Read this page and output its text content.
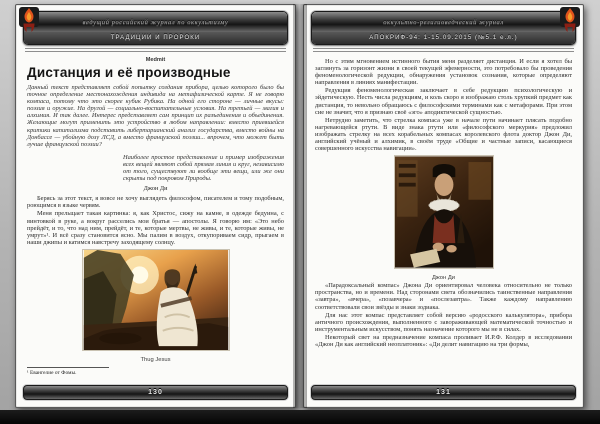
ведущий российский журнал по оккультизму
ТРАДИЦИИ И ПРОРОКИ
Medmit
Дистанция и её производные

Данный текст представляет собой попытку создания прибора, целью которого было бы точное определение местонахождения индивида на метафизической карте. Я не говорю компаса, потому что это скорее кубик Рубика. На одной его стороне — личные вкусы: поэзия и оружие. На другой — социально-воспитательные условия. На третьей — магия и алхимия. И так далее. Интерес представляет сам принцип их разъединения и объединения. Желающие могут применить это устройство в любом направлении: вместо приевшейся критики капитализма подставить либертарианский анализ государства, вместо войны на Донбассе — убойную дозу ЛСД, а вместо французской поэзии... впрочем, что может быть лучше французской поэзии?

Наиболее простое представление и пример изображения всех вещей являют собой прямая линия и круг, независимо от того, существуют ли вообще эти вещи, или же они скрыты под покровом Природы.

Джон Ди

Берясь за этот текст, я вовсе не хочу выглядеть философом, писателем и тому подобным, роющимся в языке червям.

Меня прельщает такая картинка: я, как Христос, сижу на камне, в одежде бедуина, с винтовкой в руке, а вокруг расселись мои братья — апостолы. Я говорю им: «Это небо прейдёт, и то, что над ним, прейдёт, и те, которые мертвы, не живы, и те, которые живы, не умрут»¹. И всё сразу становится ясно. Мы палим в воздух, откупориваем сидр, прыгаем в наши джипы и катимся навстречу заходящему солнцу.

Thug Jesus
¹ Евангелие от Фомы.
130
оккультно-религиоведческий журнал
АПОКРИФ-94: 1-15.09.2015 (№5.1 е.л.)

Но с этим мгновением истинного бытия меня разделяет дистанция. И если я хотел бы заглянуть за горизонт жизни в своей текущей эфемерности, это потребовало бы проведения феноменологической редукции, обнаружения установок сознания, которые определяют направления в линиях манифестации.

Редукция феноменологическая заключает в себе редукцию психологическую и эйдетическую. Несть числа редукциям, и коль скоро я изображаю столь хрупкий предмет как дистанция, то невольно обращаюсь с философскими терминами как с метафорами. При этом сие не значит, что я признаю своё «эго» аподиктической сущностью.

Нетрудно заметить, что стрелка компаса уже в начале пути начинает плясать подобно нагревающейся ртути. В виде знака ртути или «философского меркурия» предложил изображать стрелку на всех корабельных компасах королевского флота доктор Джон Ди, английский учёный и алхимик, в своём труде «Общие и частные записи, касающиеся совершенного искусства навигации».

Джон Ди

«Парадоксальный компас» Джона Ди ориентировал человека относительно не только пространства, но и времени. Над сторонами света обозначились таинственные направления «завтра», «вчера», «позавчера» и «послезавтра». Также каждому направлению соответствовали свои звёзды и знаки зодиака.

Для нас этот компас представляет собой версию «родосского калькулятора», прибора античного происхождения, выполненного с завораживающей математической точностью и инструментальным искусством, понять назначение которого мы не в силах.

Некоторый свет на предназначение компаса проливает И.Р.Ф. Колдер в исследовании «Джон Ди как английский неоплатоник»: «Ди делит навигацию на три формы,

131
